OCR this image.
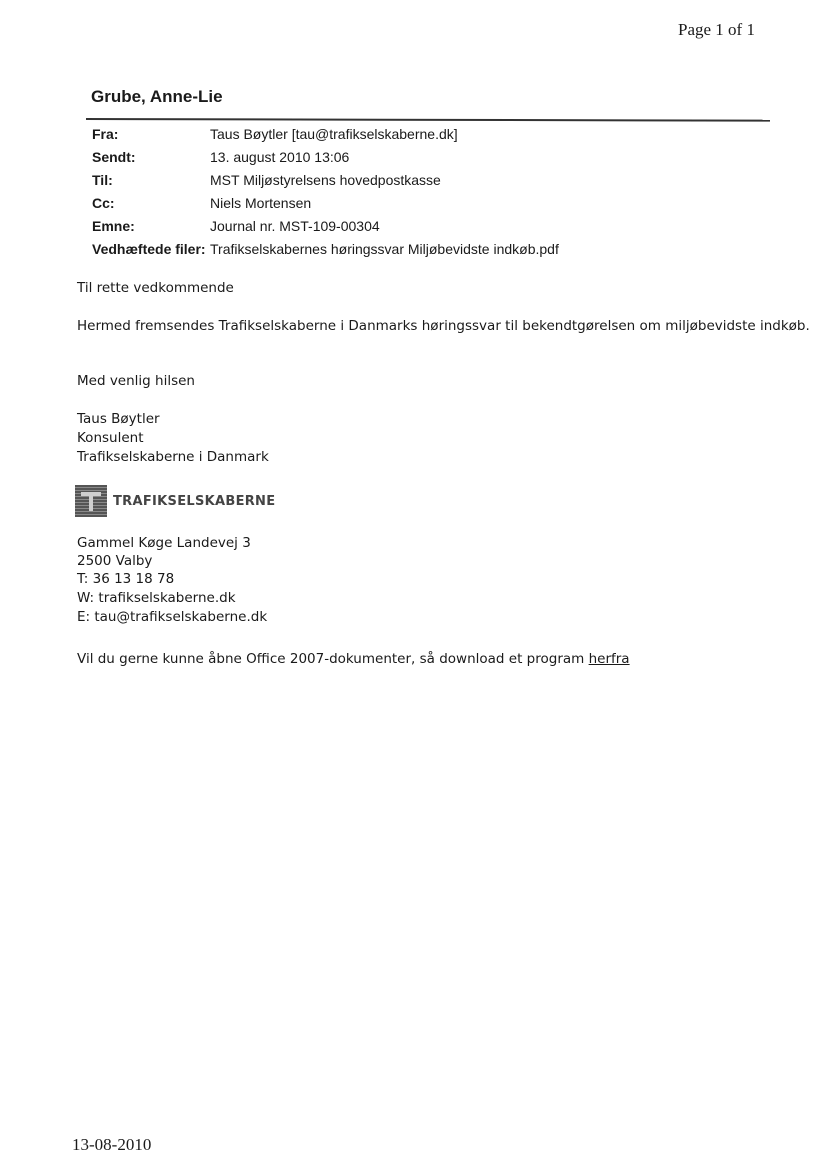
Page 1 of 1
Grube, Anne-Lie
Fra:	Taus Bøytler [tau@trafikselskaberne.dk]
Sendt:	13. august 2010 13:06
Til:	MST Miljøstyrelsens hovedpostkasse
Cc:	Niels Mortensen
Emne:	Journal nr. MST-109-00304
Vedhæftede filer: Trafikselskabernes høringssvar Miljøbevidste indkøb.pdf
Til rette vedkommende
Hermed fremsendes Trafikselskaberne i Danmarks høringssvar til bekendtgørelsen om miljøbevidste indkøb.
Med venlig hilsen
Taus Bøytler
Konsulent
Trafikselskaberne i Danmark
TRAFIKSELSKABERNE
Gammel Køge Landevej 3
2500 Valby
T: 36 13 18 78
W: trafikselskaberne.dk
E: tau@trafikselskaberne.dk
Vil du gerne kunne åbne Office 2007-dokumenter, så download et program herfra
13-08-2010
